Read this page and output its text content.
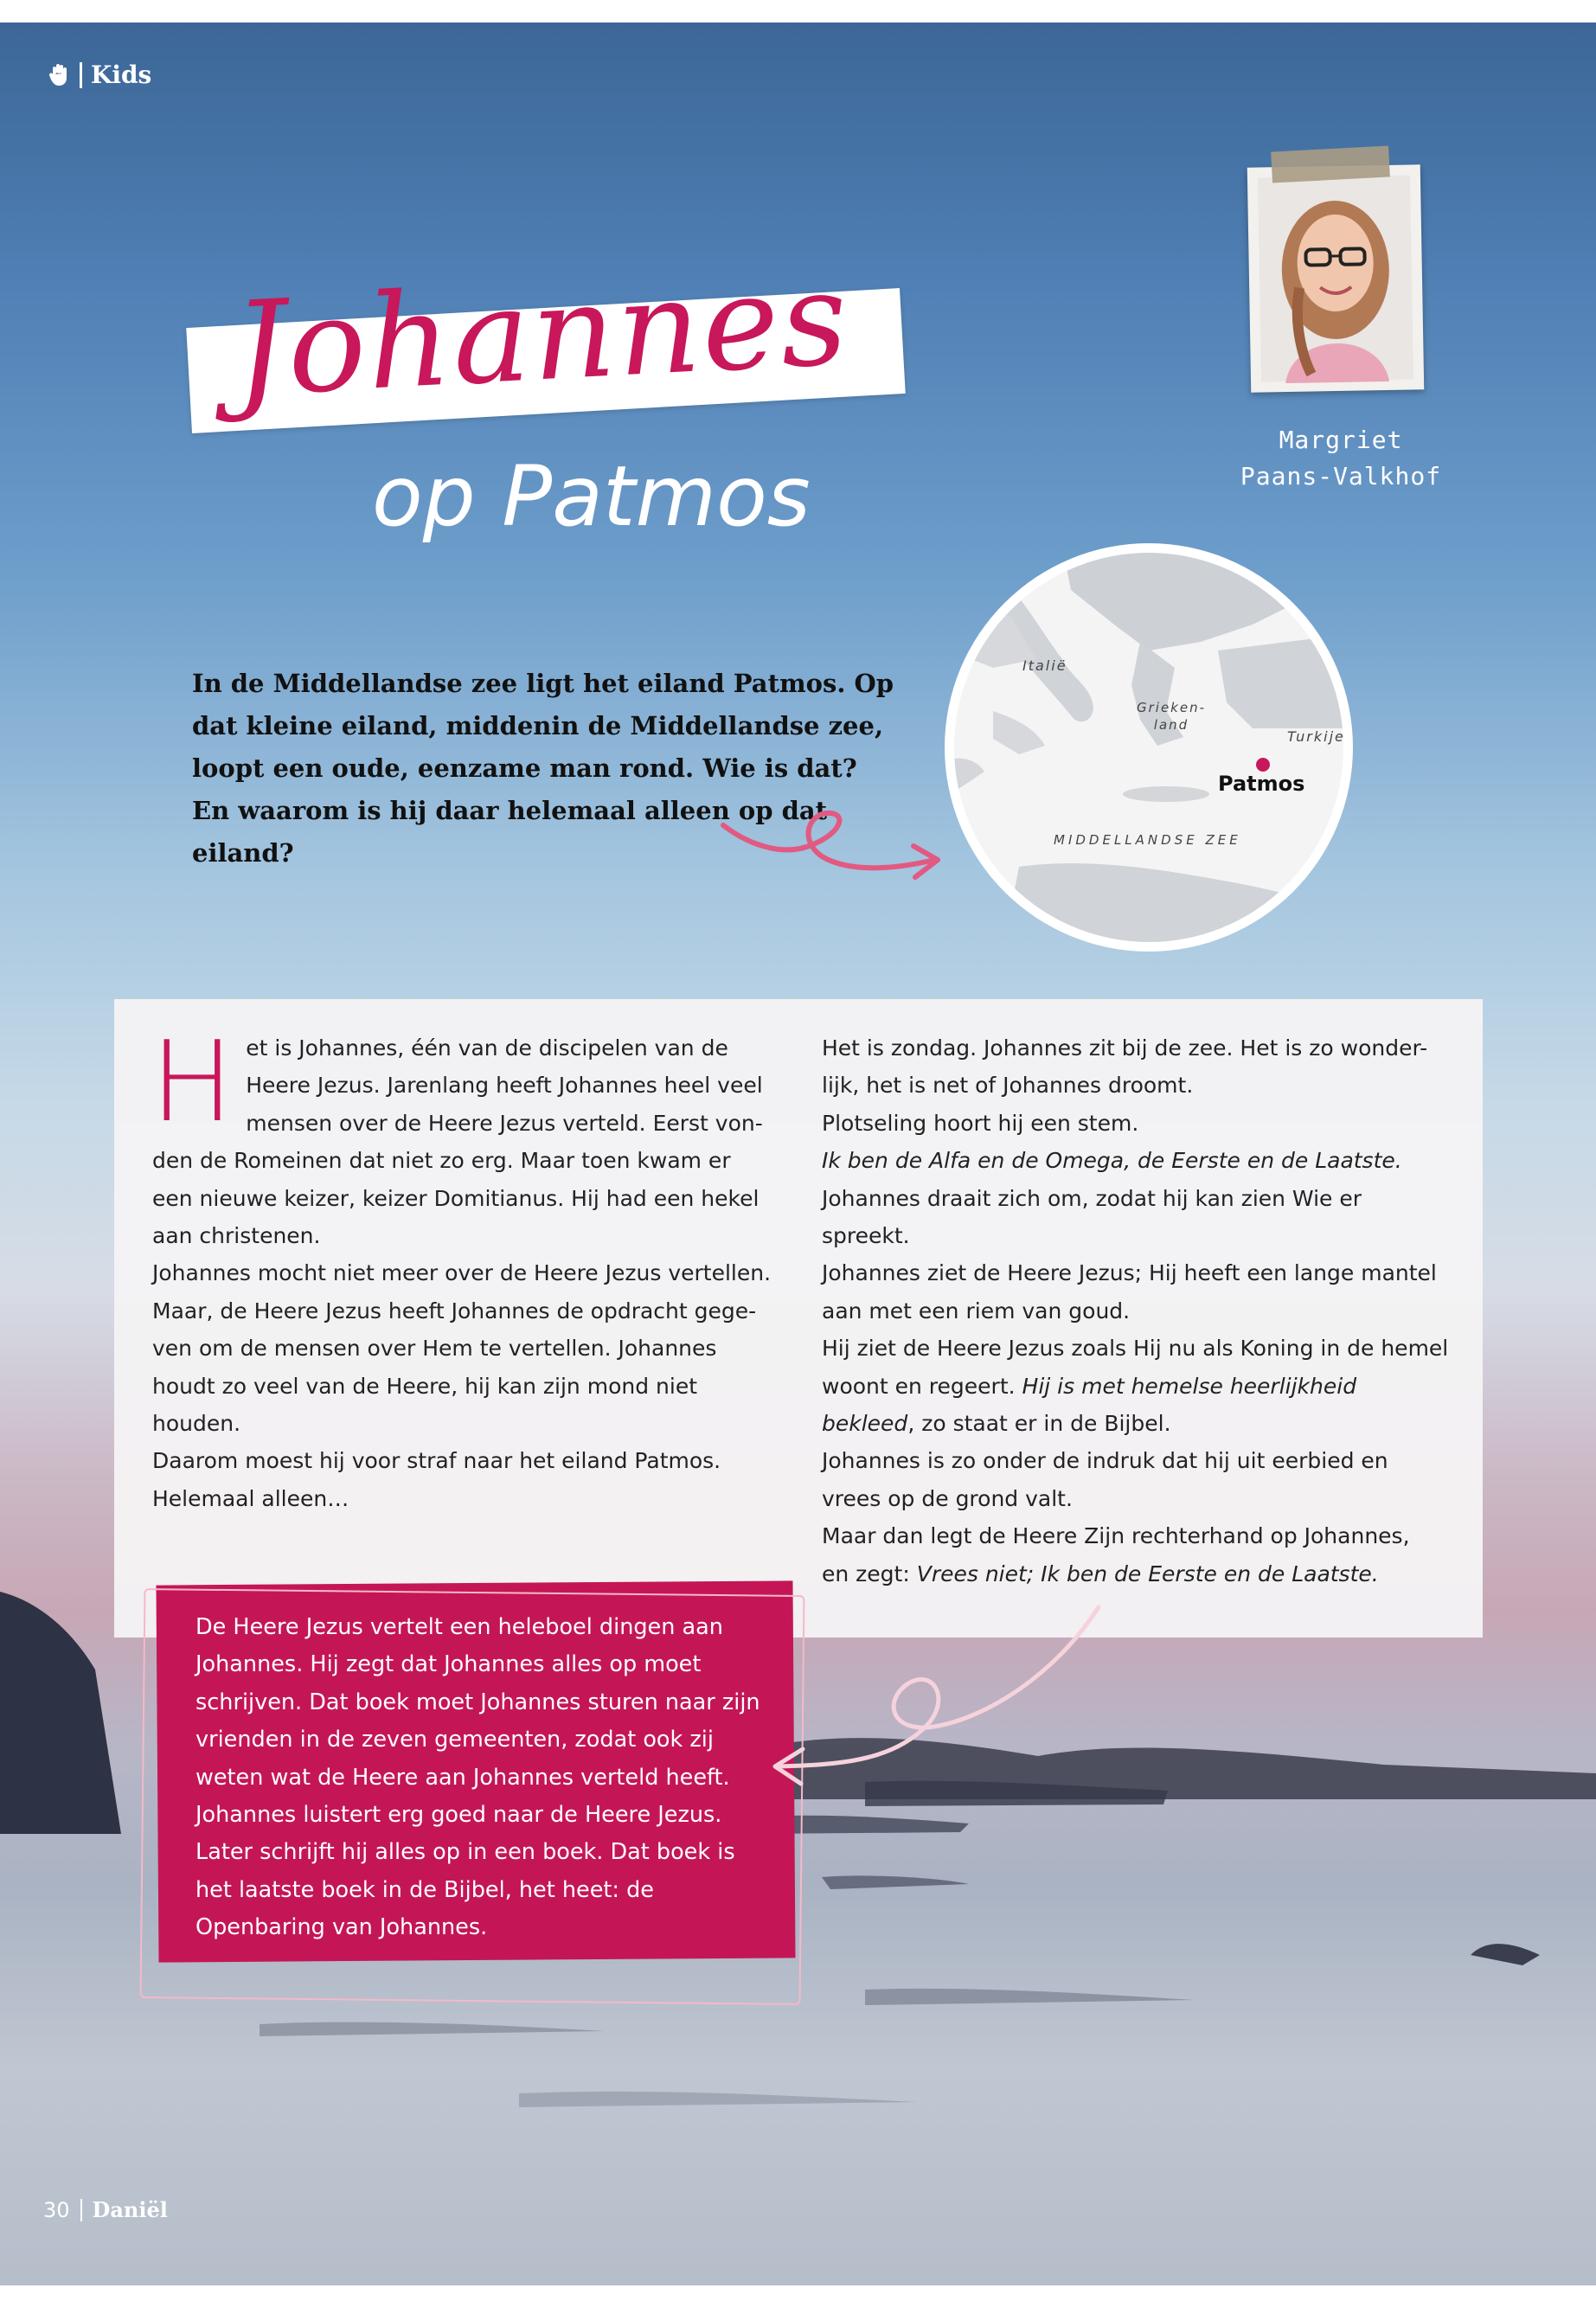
Kids
Johannes
op Patmos
Margriet
Paans-Valkhof
In de Middellandse zee ligt het eiland Patmos. Op dat kleine eiland, middenin de Middellandse zee, loopt een oude, eenzame man rond. Wie is dat? En waarom is hij daar helemaal alleen op dat eiland?
Italië
Grieken-
land
Turkije
Patmos
MIDDELLANDSE ZEE
H et is Johannes, één van de discipelen van de Heere Jezus. Jarenlang heeft Johannes heel veel mensen over de Heere Jezus verteld. Eerst von-den de Romeinen dat niet zo erg. Maar toen kwam er een nieuwe keizer, keizer Domitianus. Hij had een hekel aan christenen.

Johannes mocht niet meer over de Heere Jezus vertellen. Maar, de Heere Jezus heeft Johannes de opdracht gege-ven om de mensen over Hem te vertellen. Johannes houdt zo veel van de Heere, hij kan zijn mond niet houden.

Daarom moest hij voor straf naar het eiland Patmos. Helemaal alleen…

Het is zondag. Johannes zit bij de zee. Het is zo wonder-lijk, het is net of Johannes droomt.

Plotseling hoort hij een stem.

Ik ben de Alfa en de Omega, de Eerste en de Laatste.

Johannes draait zich om, zodat hij kan zien Wie er spreekt.

Johannes ziet de Heere Jezus; Hij heeft een lange mantel aan met een riem van goud.

Hij ziet de Heere Jezus zoals Hij nu als Koning in de hemel woont en regeert. Hij is met hemelse heerlijkheid bekleed, zo staat er in de Bijbel.

Johannes is zo onder de indruk dat hij uit eerbied en vrees op de grond valt.

Maar dan legt de Heere Zijn rechterhand op Johannes,

en zegt: Vrees niet; Ik ben de Eerste en de Laatste.

De Heere Jezus vertelt een heleboel dingen aan Johannes. Hij zegt dat Johannes alles op moet schrijven. Dat boek moet Johannes sturen naar zijn vrienden in de zeven gemeenten, zodat ook zij weten wat de Heere aan Johannes verteld heeft. Johannes luistert erg goed naar de Heere Jezus. Later schrijft hij alles op in een boek. Dat boek is het laatste boek in de Bijbel, het heet: de Openbaring van Johannes.
30 Daniël
